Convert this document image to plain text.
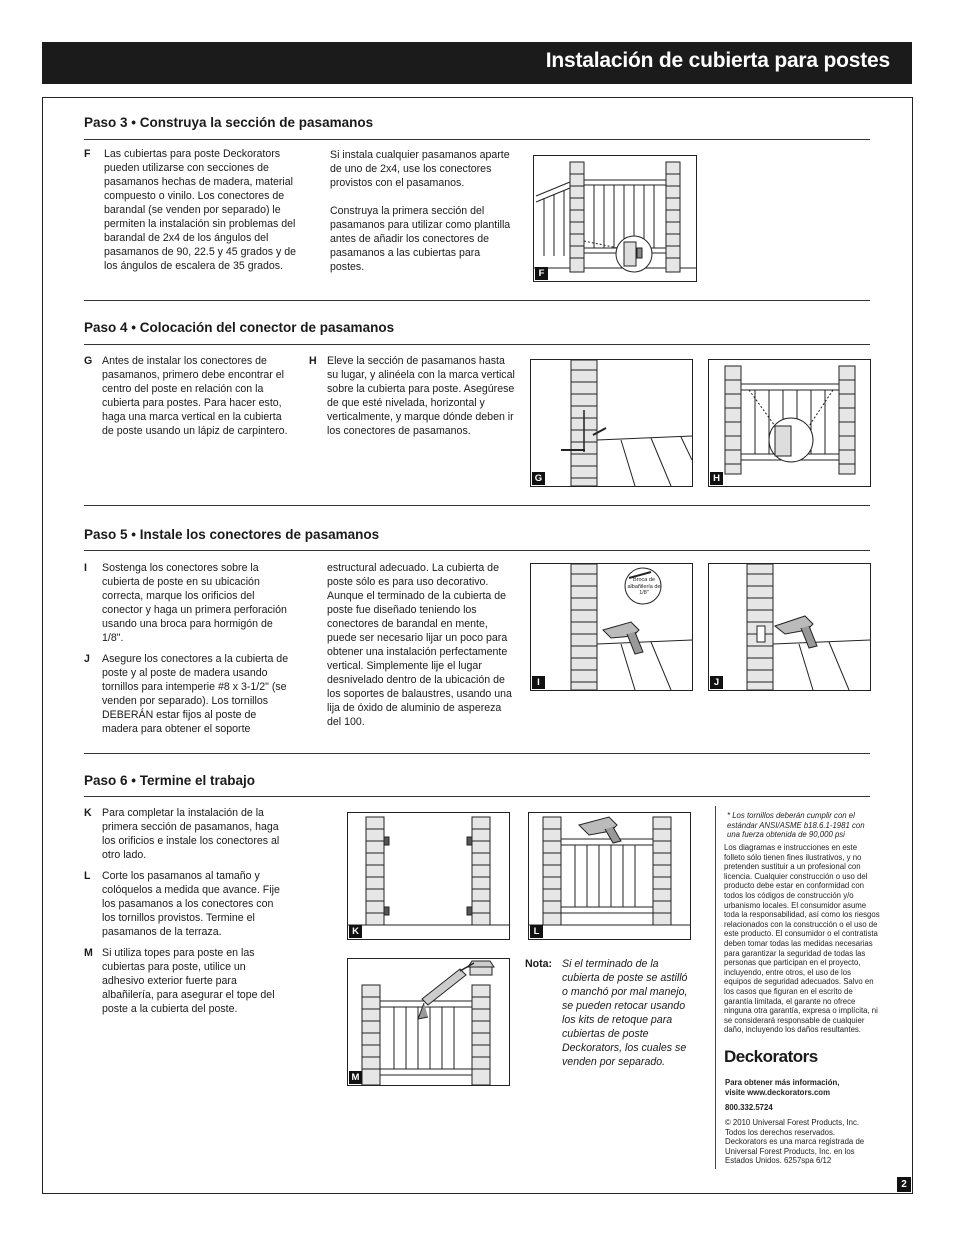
Instalación de cubierta para postes
Paso 3 • Construya la sección de pasamanos
F Las cubiertas para poste Deckorators pueden utilizarse con secciones de pasamanos hechas de madera, material compuesto o vinilo. Los conectores de barandal (se venden por separado) le permiten la instalación sin problemas del barandal de 2x4 de los ángulos del pasamanos de 90, 22.5 y 45 grados y de los ángulos de escalera de 35 grados.
Si instala cualquier pasamanos aparte de uno de 2x4, use los conectores provistos con el pasamanos.
Construya la primera sección del pasamanos para utilizar como plantilla antes de añadir los conectores de pasamanos a las cubiertas para postes.
F
Paso 4 • Colocación del conector de pasamanos
G Antes de instalar los conectores de pasamanos, primero debe encontrar el centro del poste en relación con la cubierta para postes. Para hacer esto, haga una marca vertical en la cubierta de poste usando un lápiz de carpintero.
H Eleve la sección de pasamanos hasta su lugar, y alinéela con la marca vertical sobre la cubierta para poste. Asegúrese de que esté nivelada, horizontal y verticalmente, y marque dónde deben ir los conectores de pasamanos.
G	H
Paso 5 • Instale los conectores de pasamanos
I Sostenga los conectores sobre la cubierta de poste en su ubicación correcta, marque los orificios del conector y haga un primera perforación usando una broca para hormigón de 1/8".
J Asegure los conectores a la cubierta de poste y al poste de madera usando tornillos para intemperie #8 x 3-1/2" (se venden por separado). Los tornillos DEBERÁN estar fijos al poste de madera para obtener el soporte
estructural adecuado. La cubierta de poste sólo es para uso decorativo. Aunque el terminado de la cubierta de poste fue diseñado teniendo los conectores de barandal en mente, puede ser necesario lijar un poco para obtener una instalación perfectamente vertical. Simplemente lije el lugar desnivelado dentro de la ubicación de los soportes de balaustres, usando una lija de óxido de aluminio de aspereza del 100.
Broca de albañilería de 1/8"
I	J
Paso 6 • Termine el trabajo
K Para completar la instalación de la primera sección de pasamanos, haga los orificios e instale los conectores al otro lado.
L Corte los pasamanos al tamaño y colóquelos a medida que avance. Fije los pasamanos a los conectores con los tornillos provistos. Termine el pasamanos de la terraza.
M Si utiliza topes para poste en las cubiertas para poste, utilice un adhesivo exterior fuerte para albañilería, para asegurar el tope del poste a la cubierta del poste.
K	L
M
Nota: Si el terminado de la cubierta de poste se astilló o manchó por mal manejo, se pueden retocar usando los kits de retoque para cubiertas de poste Deckorators, los cuales se venden por separado.
* Los tornillos deberán cumplir con el estándar ANSI/ASME b18.6.1-1981 con una fuerza obtenida de 90,000 psi
Los diagramas e instrucciones en este folleto sólo tienen fines ilustrativos, y no pretenden sustituir a un profesional con licencia. Cualquier construcción o uso del producto debe estar en conformidad con todos los códigos de construcción y/o urbanismo locales. El consumidor asume toda la responsabilidad, así como los riesgos relacionados con la construcción o el uso de este producto. El consumidor o el contratista deben tomar todas las medidas necesarias para garantizar la seguridad de todas las personas que participan en el proyecto, incluyendo, entre otros, el uso de los equipos de seguridad adecuados. Salvo en los casos que figuran en el escrito de garantía limitada, el garante no ofrece ninguna otra garantía, expresa o implícita, ni se considerará responsable de cualquier daño, incluyendo los daños resultantes.
Deckorators
Para obtener más información,
visite www.deckorators.com
800.332.5724
© 2010 Universal Forest Products, Inc. Todos los derechos reservados. Deckorators es una marca registrada de Universal Forest Products, Inc. en los Estados Unidos. 6257spa 6/12
2
